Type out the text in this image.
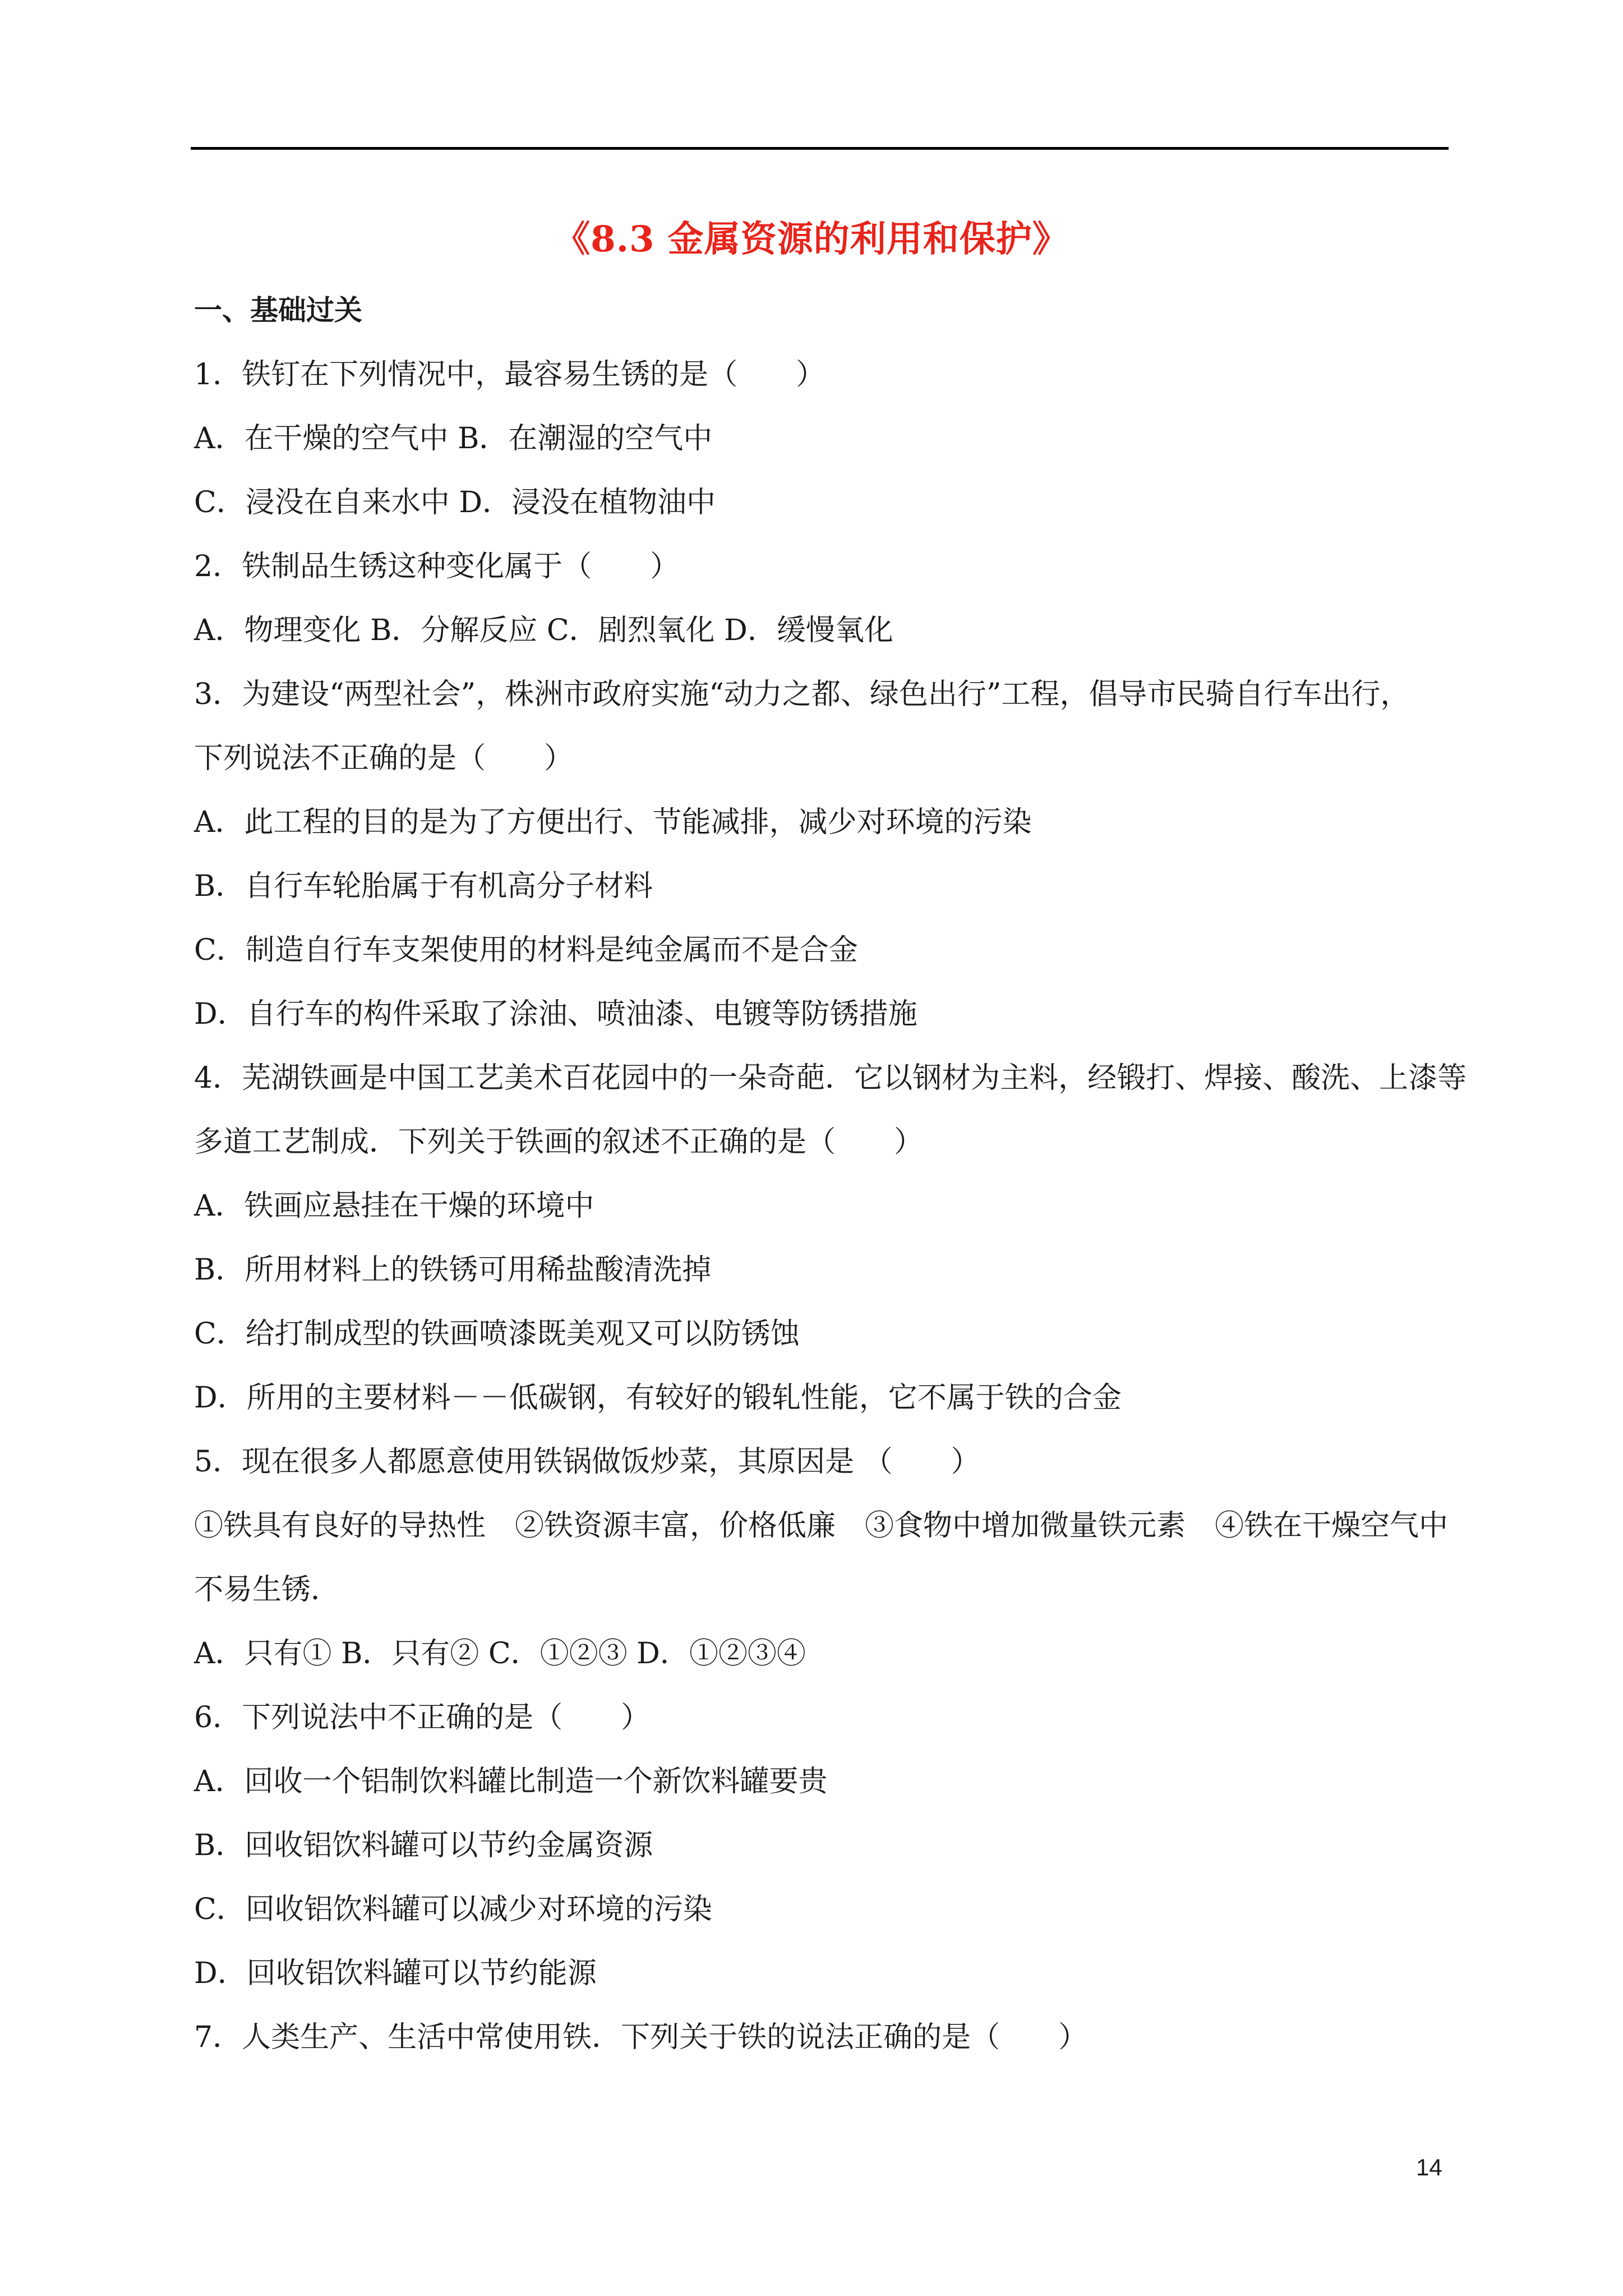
《8.3 金属资源的利用和保护》
一、基础过关
1．铁钉在下列情况中，最容易生锈的是（　　）
A．在干燥的空气中 B．在潮湿的空气中
C．浸没在自来水中 D．浸没在植物油中
2．铁制品生锈这种变化属于（　　）
A．物理变化 B．分解反应 C．剧烈氧化 D．缓慢氧化
3．为建设“两型社会”，株洲市政府实施“动力之都、绿色出行”工程，倡导市民骑自行车出行，
下列说法不正确的是（　　）
A．此工程的目的是为了方便出行、节能减排，减少对环境的污染
B．自行车轮胎属于有机高分子材料
C．制造自行车支架使用的材料是纯金属而不是合金
D．自行车的构件采取了涂油、喷油漆、电镀等防锈措施
4．芜湖铁画是中国工艺美术百花园中的一朵奇葩．它以钢材为主料，经锻打、焊接、酸洗、上漆等
多道工艺制成．下列关于铁画的叙述不正确的是（　　）
A．铁画应悬挂在干燥的环境中
B．所用材料上的铁锈可用稀盐酸清洗掉
C．给打制成型的铁画喷漆既美观又可以防锈蚀
D．所用的主要材料－－低碳钢，有较好的锻轧性能，它不属于铁的合金
5．现在很多人都愿意使用铁锅做饭炒菜，其原因是 （　　）
①铁具有良好的导热性　②铁资源丰富，价格低廉　③食物中增加微量铁元素　④铁在干燥空气中
不易生锈．
A．只有① B．只有② C．①②③ D．①②③④
6．下列说法中不正确的是（　　）
A．回收一个铝制饮料罐比制造一个新饮料罐要贵
B．回收铝饮料罐可以节约金属资源
C．回收铝饮料罐可以减少对环境的污染
D．回收铝饮料罐可以节约能源
7．人类生产、生活中常使用铁．下列关于铁的说法正确的是（　　）
14
